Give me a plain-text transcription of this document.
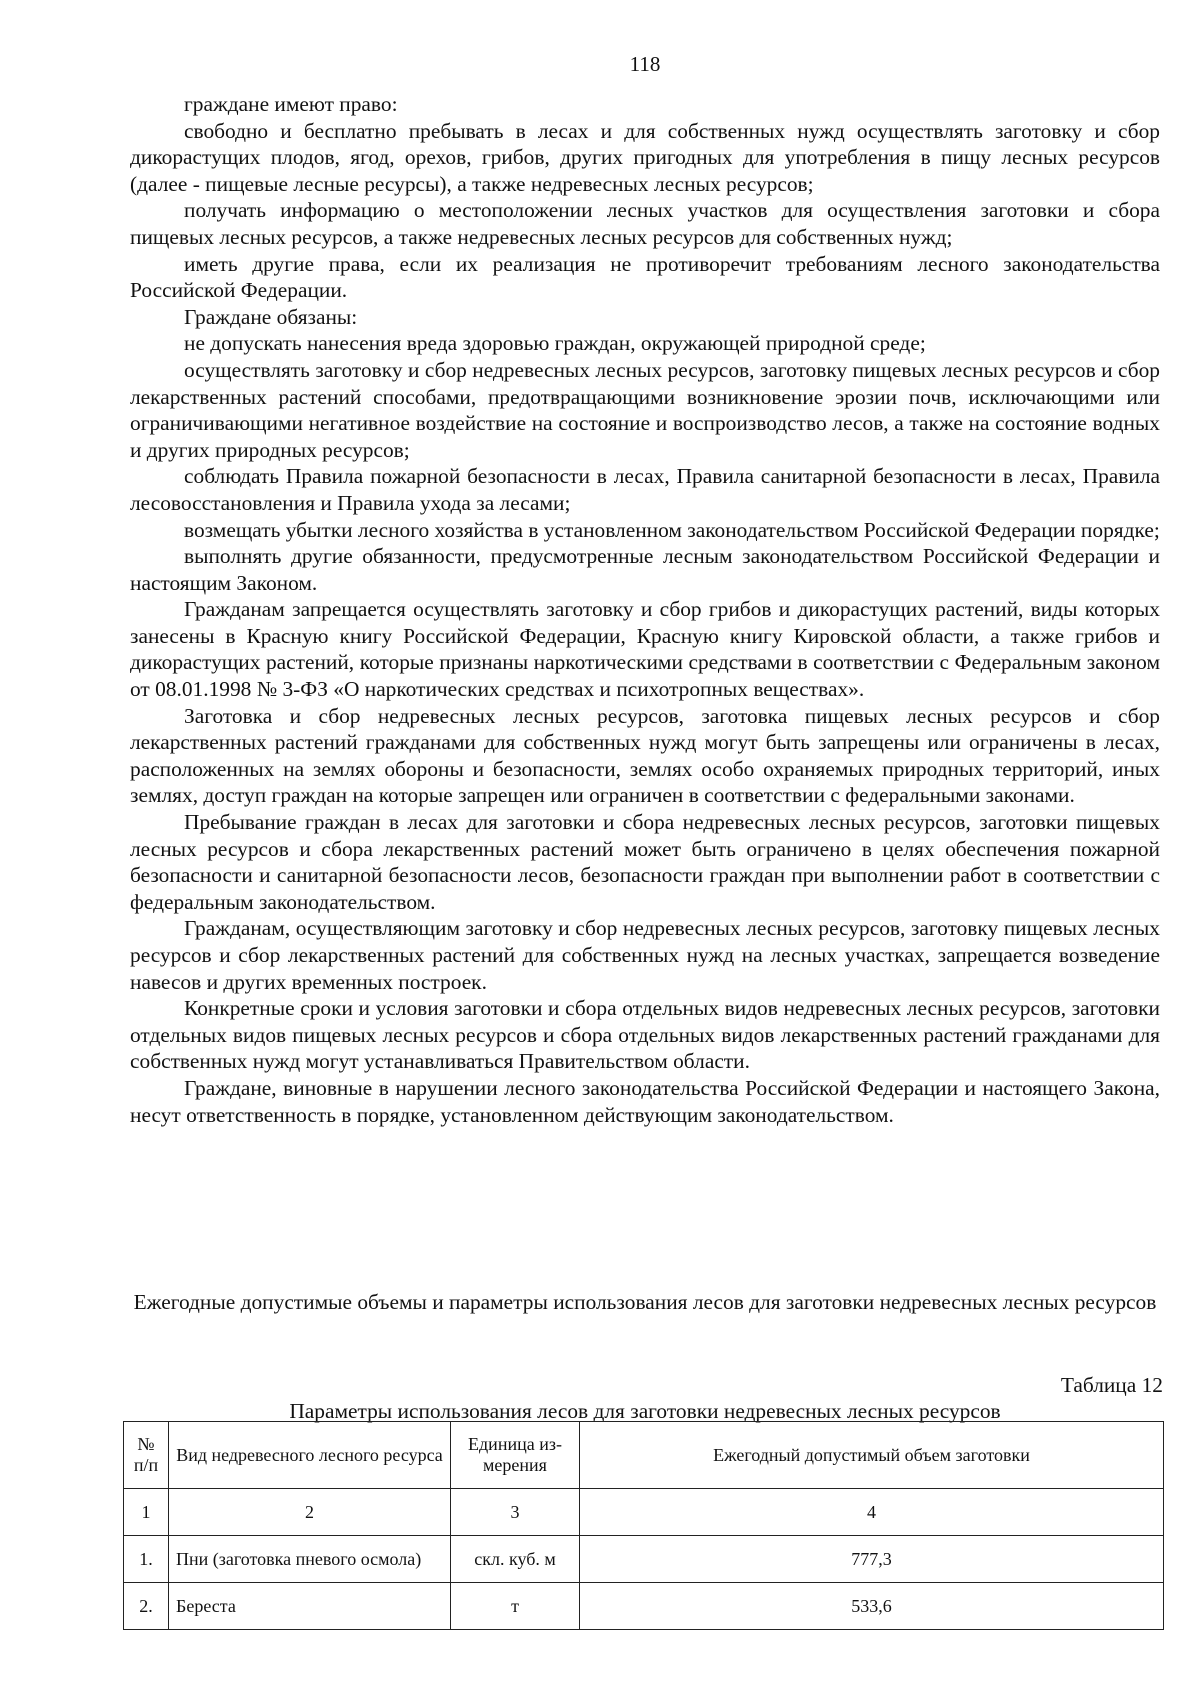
118

граждане имеют право:

свободно и бесплатно пребывать в лесах и для собственных нужд осуществлять заготовку и сбор дикорастущих плодов, ягод, орехов, грибов, других пригодных для употребления в пищу лесных ресурсов (далее - пищевые лесные ресурсы), а также недревесных лесных ресурсов;

получать информацию о местоположении лесных участков для осуществления заготовки и сбора пищевых лесных ресурсов, а также недревесных лесных ресурсов для собственных нужд;

иметь другие права, если их реализация не противоречит требованиям лесного законодательства Российской Федерации.

Граждане обязаны:

не допускать нанесения вреда здоровью граждан, окружающей природной среде;

осуществлять заготовку и сбор недревесных лесных ресурсов, заготовку пищевых лесных ресурсов и сбор лекарственных растений способами, предотвращающими возникновение эрозии почв, исключающими или ограничивающими негативное воздействие на состояние и воспроизводство лесов, а также на состояние водных и других природных ресурсов;

соблюдать Правила пожарной безопасности в лесах, Правила санитарной безопасности в лесах, Правила лесовосстановления и Правила ухода за лесами;

возмещать убытки лесного хозяйства в установленном законодательством Российской Федерации порядке;

выполнять другие обязанности, предусмотренные лесным законодательством Российской Федерации и настоящим Законом.

Гражданам запрещается осуществлять заготовку и сбор грибов и дикорастущих растений, виды которых занесены в Красную книгу Российской Федерации, Красную книгу Кировской области, а также грибов и дикорастущих растений, которые признаны наркотическими средствами в соответствии с Федеральным законом от 08.01.1998 № 3-ФЗ «О наркотических средствах и психотропных веществах».

Заготовка и сбор недревесных лесных ресурсов, заготовка пищевых лесных ресурсов и сбор лекарственных растений гражданами для собственных нужд могут быть запрещены или ограничены в лесах, расположенных на землях обороны и безопасности, землях особо охраняемых природных территорий, иных землях, доступ граждан на которые запрещен или ограничен в соответствии с федеральными законами.

Пребывание граждан в лесах для заготовки и сбора недревесных лесных ресурсов, заготовки пищевых лесных ресурсов и сбора лекарственных растений может быть ограничено в целях обеспечения пожарной безопасности и санитарной безопасности лесов, безопасности граждан при выполнении работ в соответствии с федеральным законодательством.

Гражданам, осуществляющим заготовку и сбор недревесных лесных ресурсов, заготовку пищевых лесных ресурсов и сбор лекарственных растений для собственных нужд на лесных участках, запрещается возведение навесов и других временных построек.

Конкретные сроки и условия заготовки и сбора отдельных видов недревесных лесных ресурсов, заготовки отдельных видов пищевых лесных ресурсов и сбора отдельных видов лекарственных растений гражданами для собственных нужд могут устанавливаться Правительством области.

Граждане, виновные в нарушении лесного законодательства Российской Федерации и настоящего Закона, несут ответственность в порядке, установленном действующим законодательством.

Ежегодные допустимые объемы и параметры использования лесов для заготовки недревесных лесных ресурсов
Таблица 12
Параметры использования лесов для заготовки недревесных лесных ресурсов
№ п/п	Вид недревесного лесного ресурса	Единица измерения	Ежегодный допустимый объем заготовки
1	2	3	4
1.	Пни (заготовка пневого осмола)	скл. куб. м	777,3
2.	Береста	т	533,6
